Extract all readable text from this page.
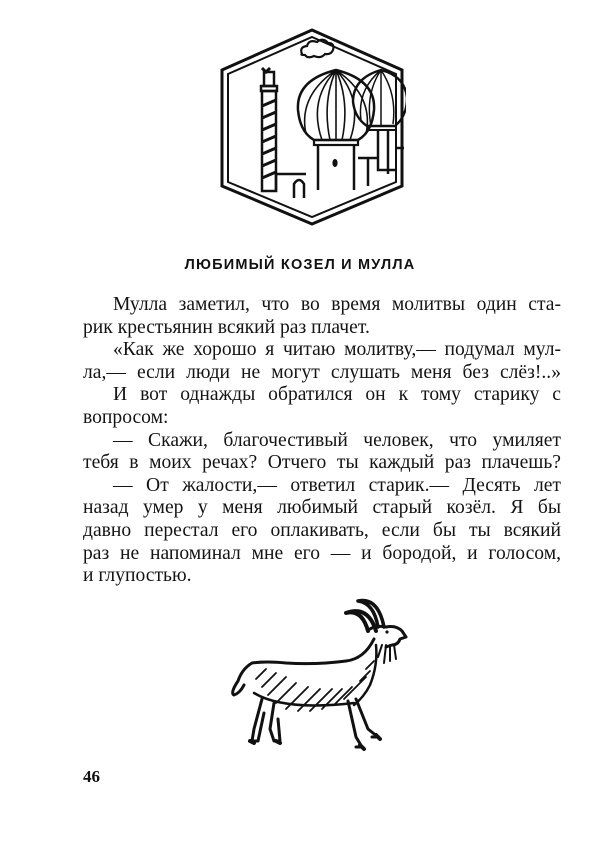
ЛЮБИМЫЙ КОЗЕЛ И МУЛЛА
Мулла заметил, что во время молитвы один ста-
рик крестьянин всякий раз плачет.
«Как же хорошо я читаю молитву,— подумал мул-
ла,— если люди не могут слушать меня без слёз!..»
И вот однажды обратился он к тому старику с
вопросом:
— Скажи, благочестивый человек, что умиляет
тебя в моих речах? Отчего ты каждый раз плачешь?
— От жалости,— ответил старик.— Десять лет
назад умер у меня любимый старый козёл. Я бы
давно перестал его оплакивать, если бы ты всякий
раз не напоминал мне его — и бородой, и голосом,
и глупостью.
46
